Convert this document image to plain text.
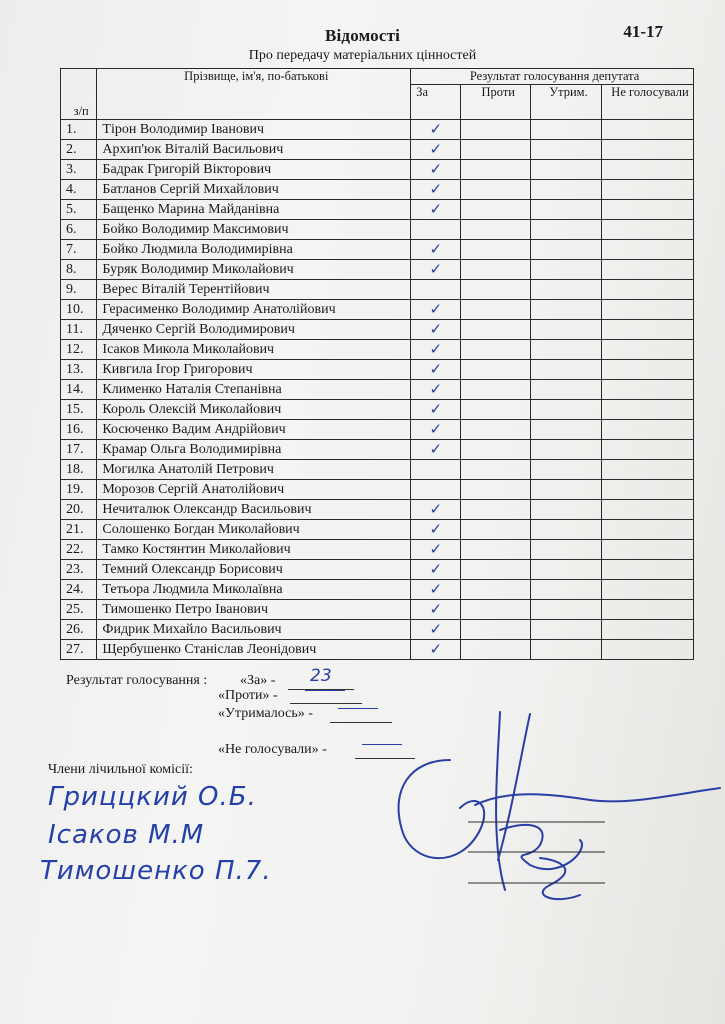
Відомості	41-17
Про передачу матеріальних цінностей
з/п	Прізвище, ім'я, по-батькові	Результат голосування депутата			
		За	Проти	Утрим.	Не голосували
1.	Тірон Володимир Іванович	✓			
2.	Архип'юк Віталій Васильович	✓			
3.	Бадрак Григорій Вікторович	✓			
4.	Батланов Сергій Михайлович	✓			
5.	Бащенко Марина Майданівна	✓			
6.	Бойко Володимир Максимович				
7.	Бойко Людмила Володимирівна	✓			
8.	Буряк Володимир Миколайович	✓			
9.	Верес Віталій Терентійович				
10.	Герасименко Володимир Анатолійович	✓			
11.	Дяченко Сергій Володимирович	✓			
12.	Ісаков Микола Миколайович	✓			
13.	Кивгила Ігор Григорович	✓			
14.	Клименко Наталія Степанівна	✓			
15.	Король Олексій Миколайович	✓			
16.	Косюченко Вадим Андрійович	✓			
17.	Крамар Ольга Володимирівна	✓			
18.	Могилка Анатолій Петрович				
19.	Морозов Сергій Анатолійович				
20.	Нечиталюк Олександр Васильович	✓			
21.	Солошенко Богдан Миколайович	✓			
22.	Тамко Костянтин Миколайович	✓			
23.	Темний Олександр Борисович	✓			
24.	Тетьора Людмила Миколаївна	✓			
25.	Тимошенко Петро Іванович	✓			
26.	Фидрик Михайло Васильович	✓			
27.	Щербушенко Станіслав Леонідович	✓			
Результат голосування : «За» - 23
«Проти» -
«Утрималось» -
«Не голосували» -
Члени лічильної комісії:
Гриццкий О.Б.
Ісаков М.М
Тимошенко П.7.
